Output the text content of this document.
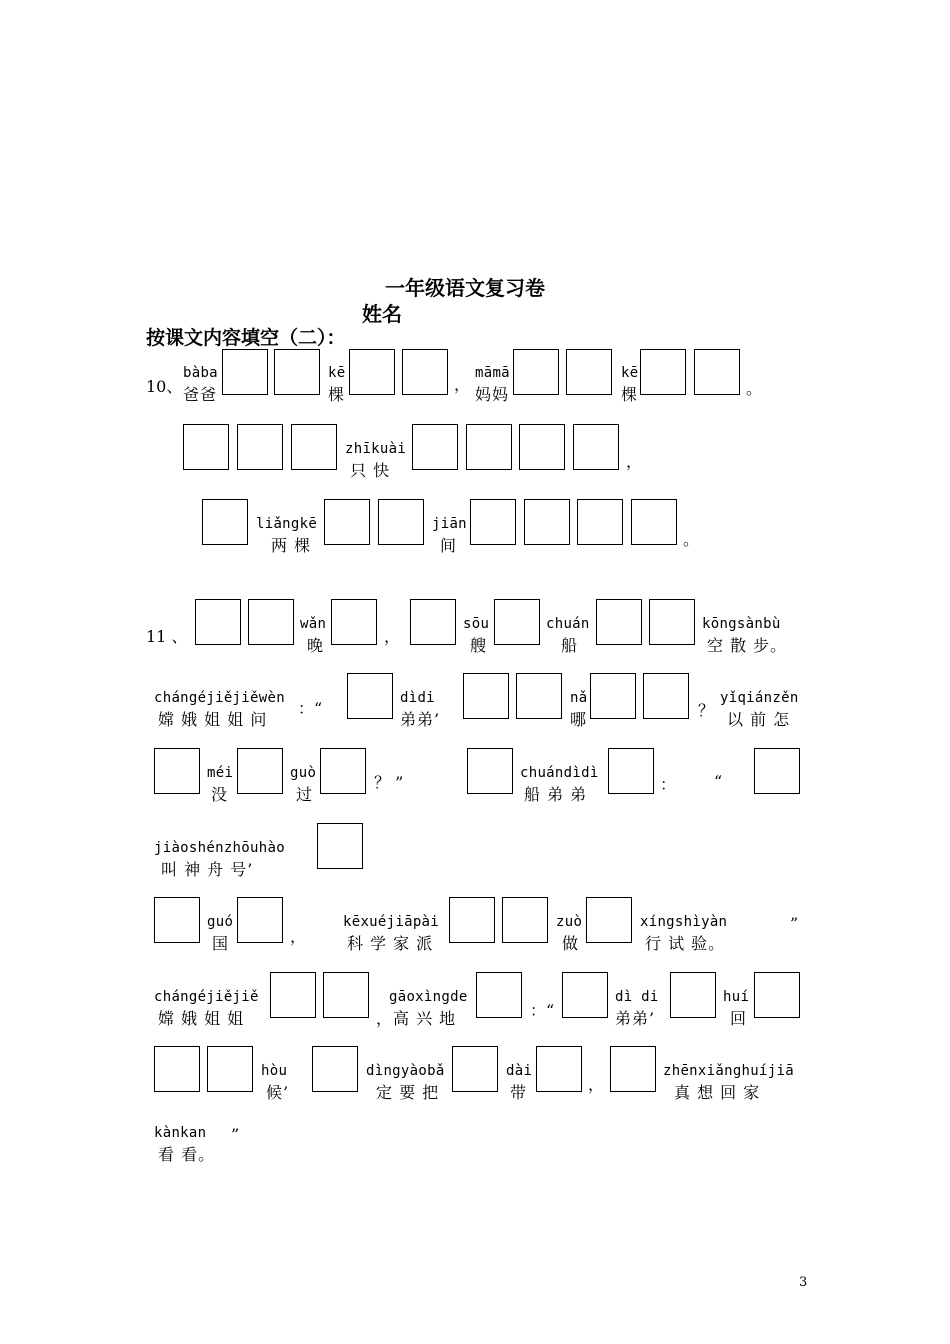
一年级语文复习卷
姓名
按课文内容填空（二）：
10、
bàba
爸爸
kē
棵
，
māmā
妈妈
kē
棵	。
zhīkuài
只 快	，
liǎngkē
两 棵
jiān
间	。
11 、
wǎn
晚	，
sōu
艘
chuán
船
kōngsànbù
空 散 步。
chángéjiějiěwèn
嫦 娥 姐 姐 问
：“
dìdi
弟弟’
nǎ
哪	？
yǐqiánzěn
以 前 怎
méi
没
guò
过
？ ”	chuándìdì
船 弟 弟
： “
jiàoshénzhōuhào
叫 神 舟 号’
guó
国	，
kēxuéjiāpài
科 学 家 派
zuò
做
xíngshìyàn
行 试 验。
”
chángéjiějiě
嫦 娥 姐 姐
gāoxìngde
，高 兴 地	：“
dì di
弟弟’
huí
回
hòu
候’
dìngyàobǎ
定 要 把
dài
带	，
zhēnxiǎnghuíjiā
真 想 回 家
kànkan ”
看 看。
3
